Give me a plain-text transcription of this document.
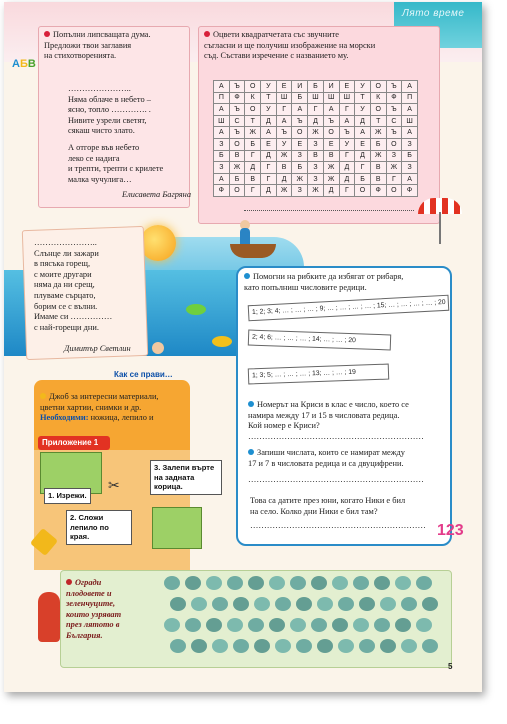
Лято време
АБВ
Попълни липсващата дума.
Предложи твои заглавия
на стихотворенията.
…………………..
Няма облаче в небето –
ясно, топло …………. .
Нивите узрели светят,
сякаш чисто злато.
А отгоре във небето
леко се надига
и трепти, трепти с крилете
малка чучулига…
Елисавета Багряна
Оцвети квадратчетата със звучните
съгласни и ще получиш изображение на морски
съд. Състави изречение с названието му.
А	Ъ	О	У	Е	И	Б	И	Е	У	О	Ъ	А
П	Ф	К	Т	Ш	Б	Ш	Ш	Ш	Т	К	Ф	П
А	Ъ	О	У	Г	А	Г	А	Г	У	О	Ъ	А
Ш	С	Т	Д	А	Ъ	Д	Ъ	А	Д	Т	С	Ш
А	Ъ	Ж	А	Ъ	О	Ж	О	Ъ	А	Ж	Ъ	А
З	О	Б	Е	У	Е	З	Е	У	Е	Б	О	З
Б	В	Г	Д	Ж	З	В	В	Г	Д	Ж	З	Б
З	Ж	Д	Г	В	Б	З	Ж	Д	Г	В	Ж	З
А	Б	В	Г	Д	Ж	З	Ж	Д	Б	В	Г	А
Ф	О	Г	Д	Ж	З	Ж	Д	Г	О	Ф	О	Ф
…………………..
Слънце ли зажари
в пясъка горещ,
с моите другари
няма да ни срещ,
плуваме сърцато,
борим се с вълни.
Имаме си ……………
с най-горещи дни.
Димитър Светлин
Помогни на рибките да избягат от рибаря,
като попълниш числовите редици.
1; 2; 3; 4; … ; … ; … ; 9; … ; … ; … ; … ; 15; … ; … ; … ; … ; 20
2; 4; 6; … ; … ; … ; 14; … ; … ; 20
1; 3; 5; … ; … ; … ; 13; … ; … ; 19
Номерът на Криси в клас е число, което се
намира между 17 и 15 в числовата редица.
Кой номер е Криси?
………………………………………………………
Запиши числата, които се намират между
17 и 7 в числовата редица и са двуцифрени.
………………………………………………………
Това са датите през юни, когато Ники е бил
на село. Колко дни Ники е бил там?
……………………………………………………… 123
Как се прави…
Джоб за интересни материали,
цветни хартии, снимки и др.
Необходими: ножица, лепило и
Приложение 1
✂
1. Изрежи.
2. Сложи
лепило по
края.
3. Залепи върте
на задната
корица.
Огради
плодовете и
зеленчуците,
които узряват
през лятото в
България.
5
